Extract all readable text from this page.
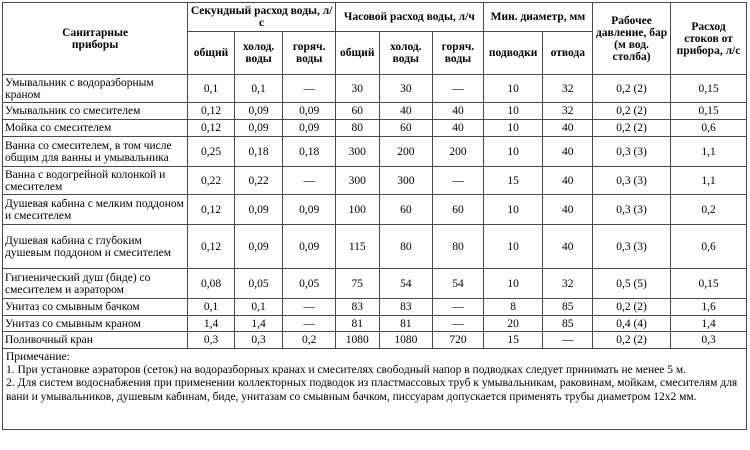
Санитарные
приборы	Секундный расход воды, л/с			Часовой расход воды, л/ч			Мин. диаметр, мм		Рабочее давление, бар (м вод. столба)	Расход стоков от прибора, л/с
	общий	холод. воды	горяч. воды	общий	холод. воды	горяч. воды	подводки	отвода		
Умывальник с водоразборным краном	0,1	0,1	—	30	30	—	10	32	0,2 (2)	0,15
Умывальник со смесителем	0,12	0,09	0,09	60	40	40	10	32	0,2 (2)	0,15
Мойка со смесителем	0,12	0,09	0,09	80	60	40	10	40	0,2 (2)	0,6
Ванна со смесителем, в том числе общим для ванны и умывальника	0,25	0,18	0,18	300	200	200	10	40	0,3 (3)	1,1
Ванна с водогрейной колонкой и смесителем	0,22	0,22	—	300	300	—	15	40	0,3 (3)	1,1
Душевая кабина с мелким поддоном и смесителем	0,12	0,09	0,09	100	60	60	10	40	0,3 (3)	0,2
Душевая кабина с глубоким душевым поддоном и смесителем	0,12	0,09	0,09	115	80	80	10	40	0,3 (3)	0,6
Гигиенический душ (биде) со смесителем и аэратором	0,08	0,05	0,05	75	54	54	10	32	0,5 (5)	0,15
Унитаз со смывным бачком	0,1	0,1	—	83	83	—	8	85	0,2 (2)	1,6
Унитаз со смывным краном	1,4	1,4	—	81	81	—	20	85	0,4 (4)	1,4
Поливочный кран	0,3	0,3	0,2	1080	1080	720	15	—	0,2 (2)	0,3

Примечание:
1. При установке аэраторов (сеток) на водоразборных кранах и смесителях свободный напор в подводках следует принимать не менее 5 м.
2. Для систем водоснабжения при применении коллекторных подводок из пластмассовых труб к умывальникам, раковинам, мойкам, смесителям для вани и умывальников, душевым кабинам, биде, унитазам со смывным бачком, писсуарам допускается применять трубы диаметром 12x2 мм.										
